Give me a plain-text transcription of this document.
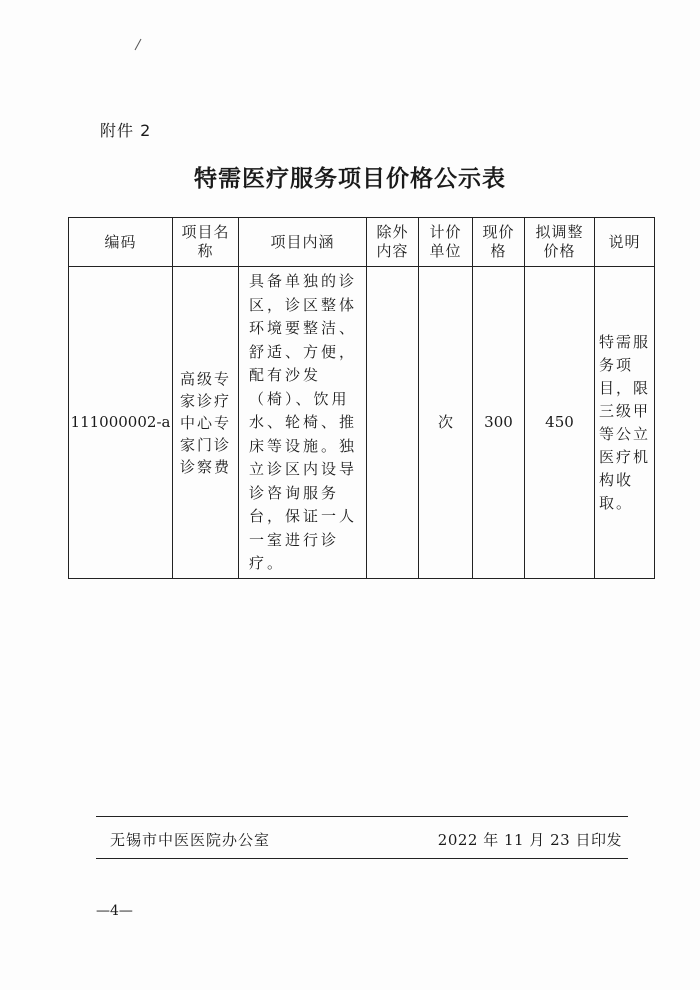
附件 2
特需医疗服务项目价格公示表
编码	项目名称	项目内涵	除外内容	计价单位	现价格	拟调整价格	说明
111000002-a	高级专家诊疗中心专家门诊诊察费	具备单独的诊区，诊区整体环境要整洁、舒适、方便，配有沙发（椅）、饮用水、轮椅、推床等设施。独立诊区内设导诊咨询服务台，保证一人一室进行诊疗。		次	300	450	特需服务项目，限三级甲等公立医疗机构收取。
无锡市中医医院办公室	2022 年 11 月 23 日印发
—4—
